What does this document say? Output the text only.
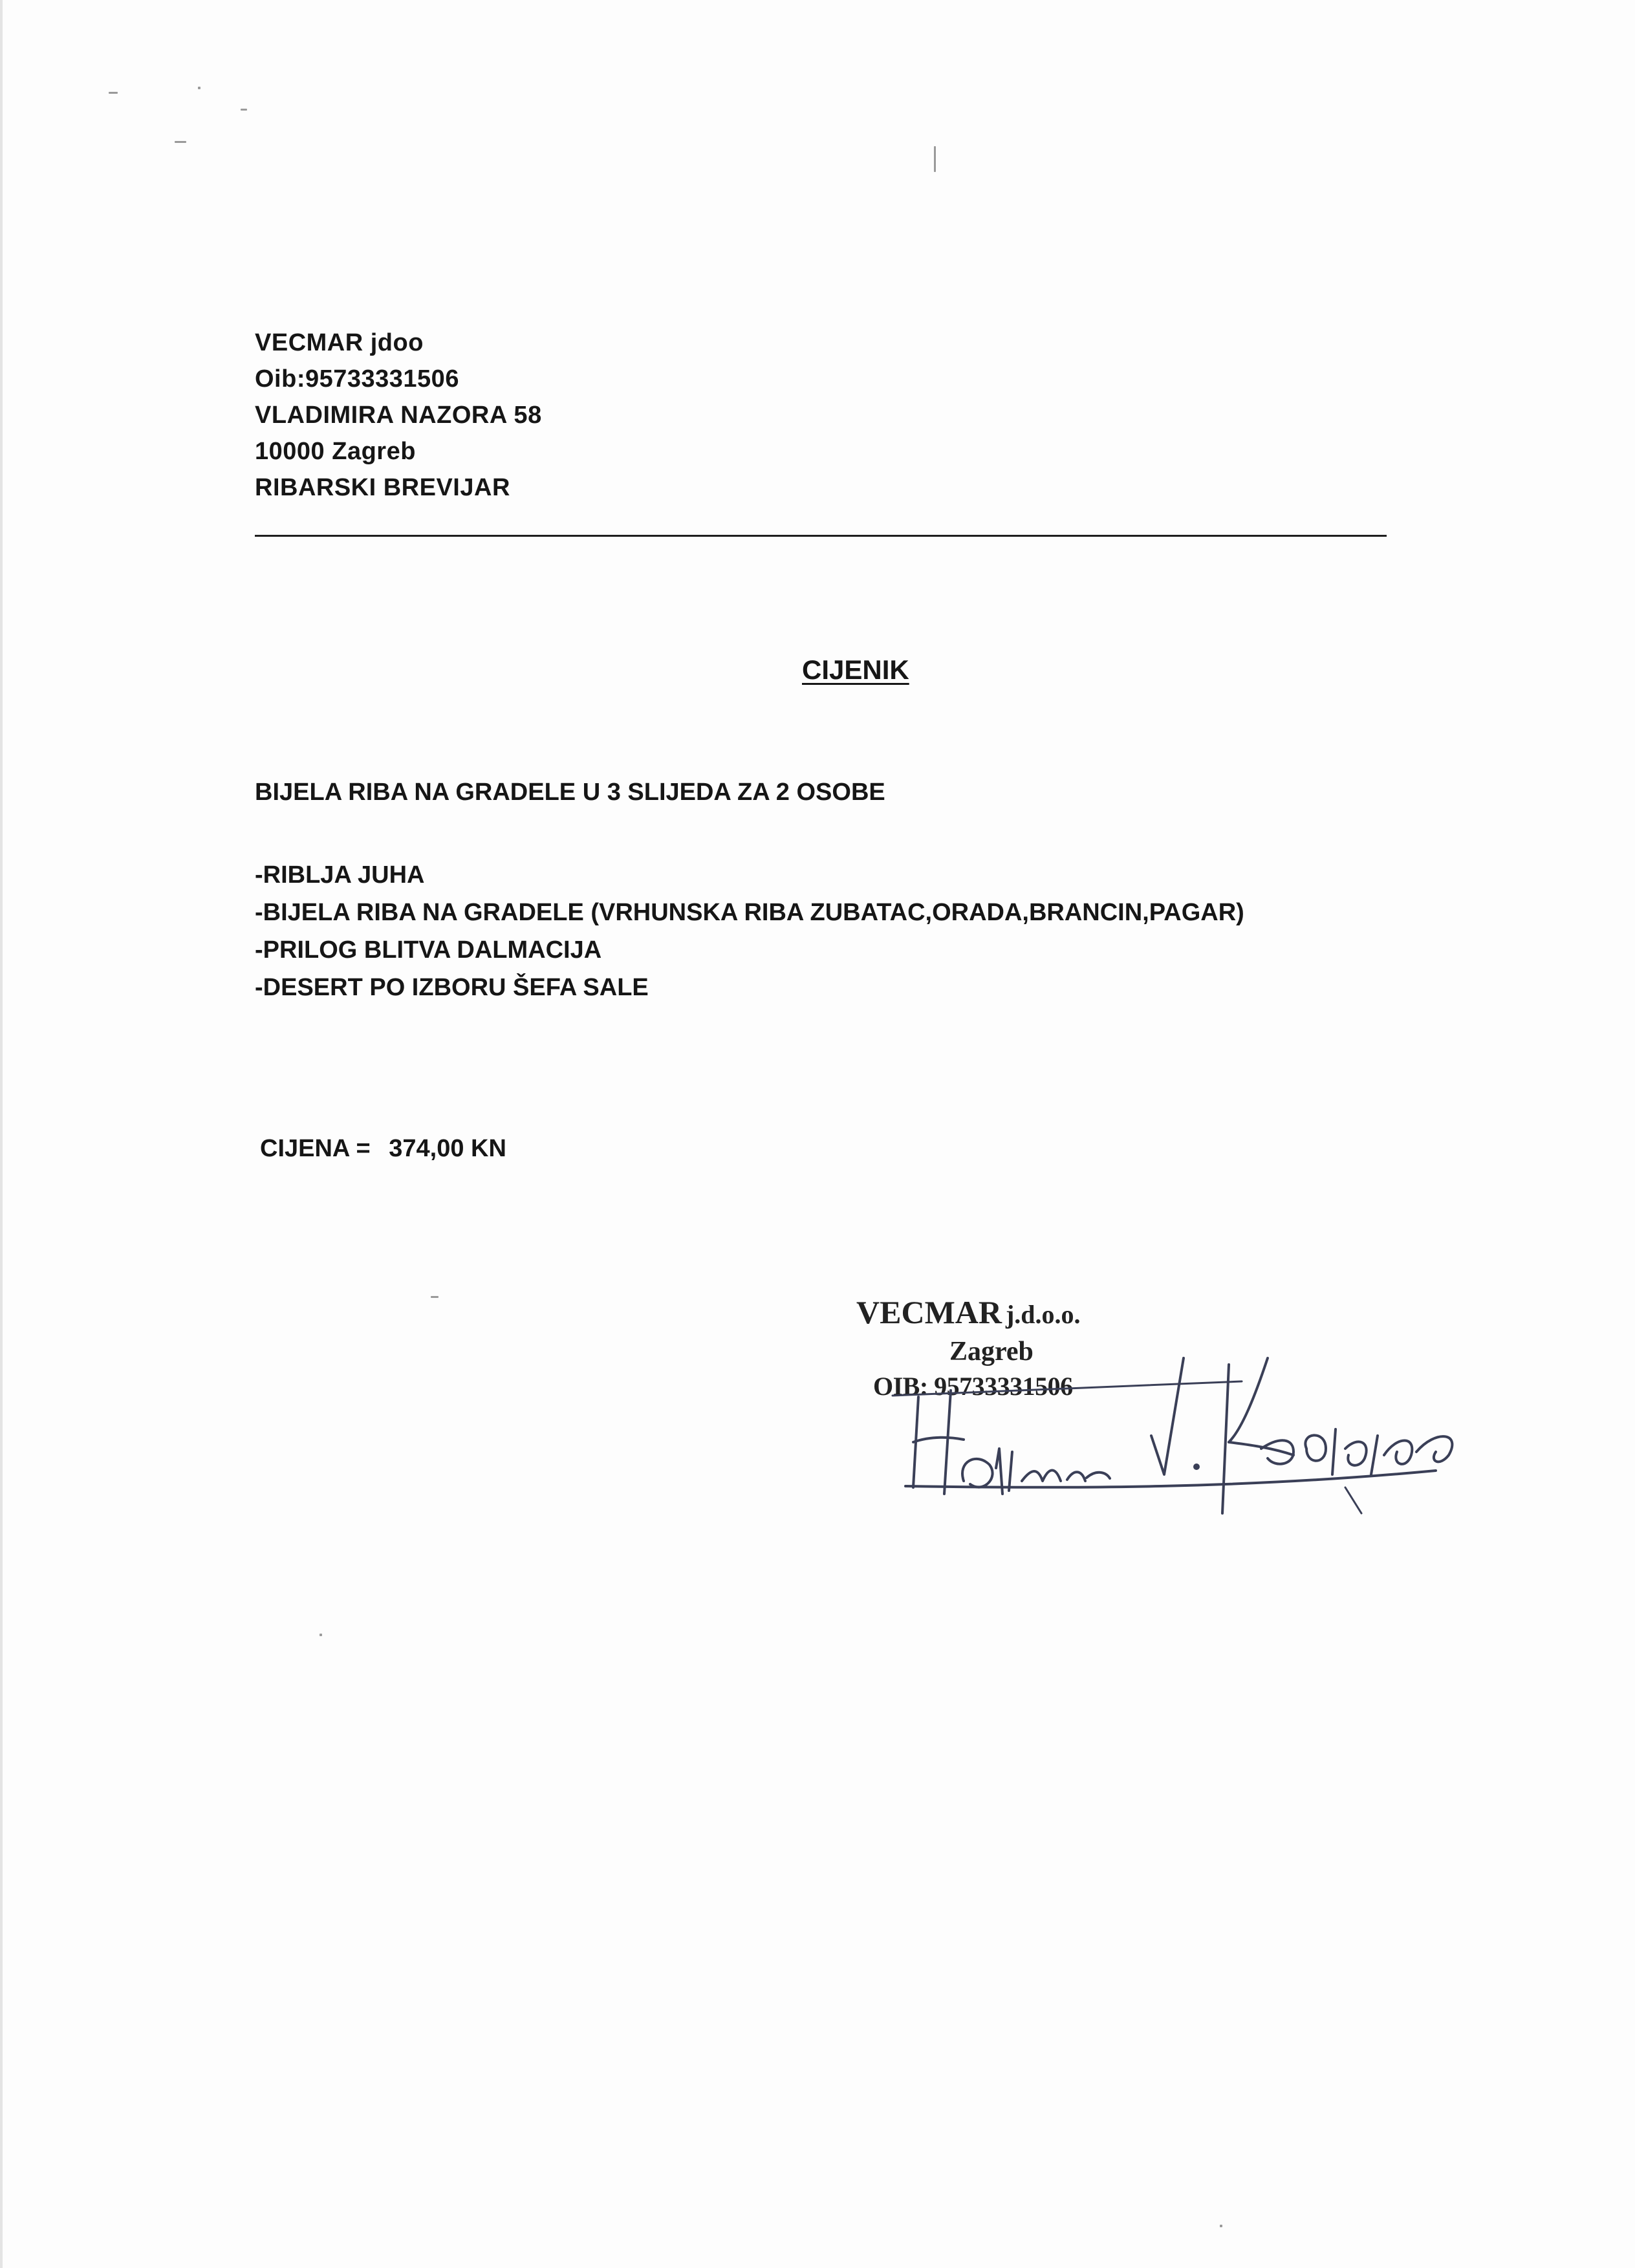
VECMAR jdoo
Oib:95733331506
VLADIMIRA NAZORA 58
10000 Zagreb
RIBARSKI BREVIJAR
CIJENIK
BIJELA RIBA NA GRADELE U 3 SLIJEDA ZA 2 OSOBE
-RIBLJA JUHA
-BIJELA RIBA NA GRADELE (VRHUNSKA RIBA ZUBATAC,ORADA,BRANCIN,PAGAR)
-PRILOG BLITVA DALMACIJA
-DESERT PO IZBORU ŠEFA SALE
CIJENA = 374,00 KN
VECMAR j.d.o.o.
Zagreb
OIB: 95733331506
